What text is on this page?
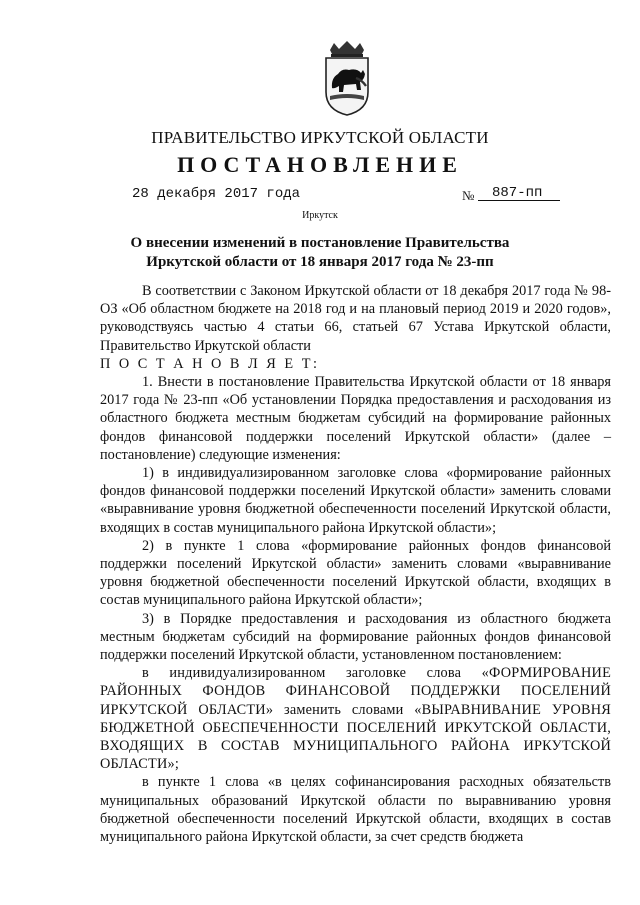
ПРАВИТЕЛЬСТВО ИРКУТСКОЙ ОБЛАСТИ
ПОСТАНОВЛЕНИЕ
28 декабря 2017 года	№ 887-пп
Иркутск
О внесении изменений в постановление Правительства Иркутской области от 18 января 2017 года № 23-пп

В соответствии с Законом Иркутской области от 18 декабря 2017 года № 98-ОЗ «Об областном бюджете на 2018 год и на плановый период 2019 и 2020 годов», руководствуясь частью 4 статьи 66, статьей 67 Устава Иркутской области, Правительство Иркутской области

П О С Т А Н О В Л Я Е Т:

1. Внести в постановление Правительства Иркутской области от 18 января 2017 года № 23-пп «Об установлении Порядка предоставления и расходования из областного бюджета местным бюджетам субсидий на формирование районных фондов финансовой поддержки поселений Иркутской области» (далее – постановление) следующие изменения:

1) в индивидуализированном заголовке слова «формирование районных фондов финансовой поддержки поселений Иркутской области» заменить словами «выравнивание уровня бюджетной обеспеченности поселений Иркутской области, входящих в состав муниципального района Иркутской области»;

2) в пункте 1 слова «формирование районных фондов финансовой поддержки поселений Иркутской области» заменить словами «выравнивание уровня бюджетной обеспеченности поселений Иркутской области, входящих в состав муниципального района Иркутской области»;

3) в Порядке предоставления и расходования из областного бюджета местным бюджетам субсидий на формирование районных фондов финансовой поддержки поселений Иркутской области, установленном постановлением:

в индивидуализированном заголовке слова «ФОРМИРОВАНИЕ РАЙОННЫХ ФОНДОВ ФИНАНСОВОЙ ПОДДЕРЖКИ ПОСЕЛЕНИЙ ИРКУТСКОЙ ОБЛАСТИ» заменить словами «ВЫРАВНИВАНИЕ УРОВНЯ БЮДЖЕТНОЙ ОБЕСПЕЧЕННОСТИ ПОСЕЛЕНИЙ ИРКУТСКОЙ ОБЛАСТИ, ВХОДЯЩИХ В СОСТАВ МУНИЦИПАЛЬНОГО РАЙОНА ИРКУТСКОЙ ОБЛАСТИ»;

в пункте 1 слова «в целях софинансирования расходных обязательств муниципальных образований Иркутской области по выравниванию уровня бюджетной обеспеченности поселений Иркутской области, входящих в состав муниципального района Иркутской области, за счет средств бюджета
